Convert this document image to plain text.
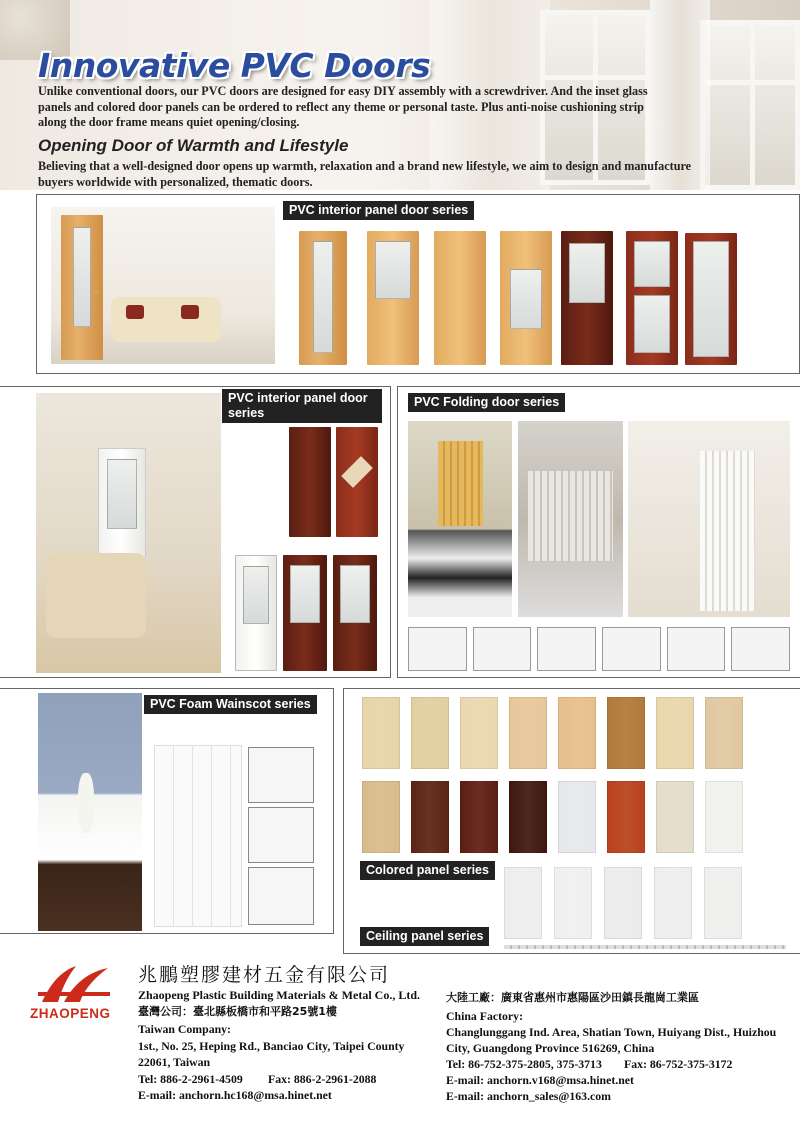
Innovative PVC Doors
Unlike conventional doors, our PVC doors are designed for easy DIY assembly with a screwdriver. And the inset glass panels and colored door panels can be ordered to reflect any theme or personal taste. Plus anti-noise cushioning strip along the door frame means quiet opening/closing.
Opening Door of Warmth and Lifestyle
Believing that a well-designed door opens up warmth, relaxation and a brand new lifestyle, we aim to design and manufacture buyers worldwide with personalized, thematic doors.
PVC interior panel door series
PVC interior panel door series
PVC Folding door series
PVC Foam Wainscot series
Colored panel series
Ceiling panel series
ZHAOPENG
兆鵬塑膠建材五金有限公司
Zhaopeng Plastic Building Materials & Metal Co., Ltd.
臺灣公司：臺北縣板橋市和平路25號1樓
Taiwan Company:
1st., No. 25, Heping Rd., Banciao City, Taipei County
22061, Taiwan
Tel: 886-2-2961-4509 Fax: 886-2-2961-2088
E-mail: anchorn.hc168@msa.hinet.net
大陸工廠：廣東省惠州市惠陽區沙田鎮長龍崗工業區
China Factory:
Changlunggang Ind. Area, Shatian Town, Huiyang Dist., Huizhou
City, Guangdong Province 516269, China
Tel: 86-752-375-2805, 375-3713 Fax: 86-752-375-3172
E-mail: anchorn.v168@msa.hinet.net
E-mail: anchorn_sales@163.com
